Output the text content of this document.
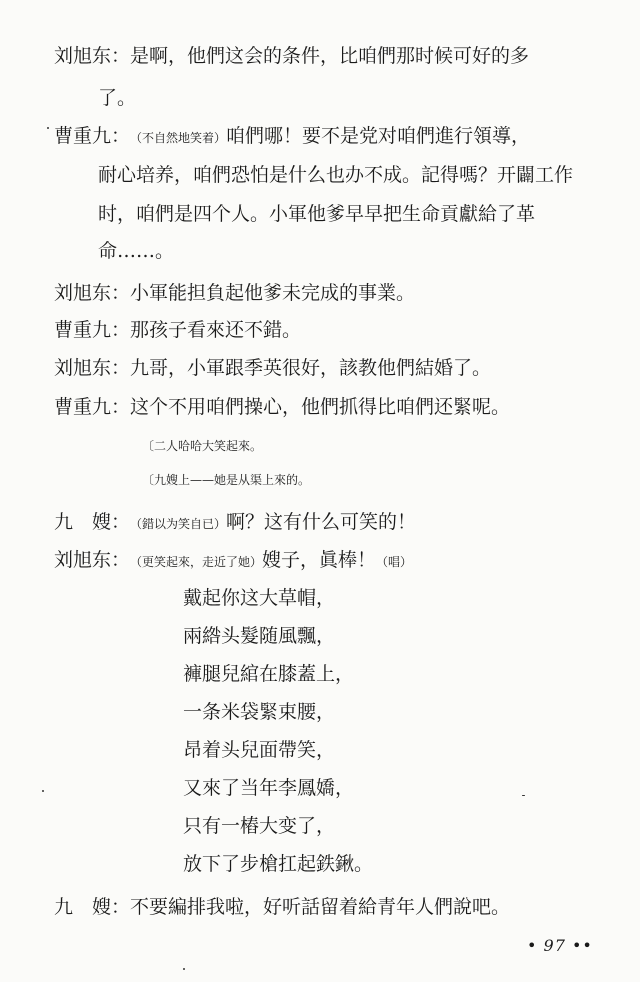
刘旭东：是啊，他們这会的条件，比咱們那时候可好的多
了。
曹重九：（不自然地笑着）咱們哪！要不是党对咱們進行領導，
耐心培养，咱們恐怕是什么也办不成。記得嗎？开闢工作
时，咱們是四个人。小軍他爹早早把生命貢獻給了革
命……。
刘旭东：小軍能担負起他爹未完成的事業。
曹重九：那孩子看來还不錯。
刘旭东：九哥，小軍跟季英很好，該教他們結婚了。
曹重九：这个不用咱們操心，他們抓得比咱們还緊呢。
〔二人哈哈大笑起來。
〔九嫂上——她是从渠上來的。
九　嫂：（錯以为笑自已）啊？这有什么可笑的！
刘旭东：（更笑起來，走近了她）嫂子，眞棒！（唱）
戴起你这大草帽，
兩綹头髮随風飄，
褲腿兒綰在膝蓋上，
一条米袋緊束腰，
昂着头兒面帶笑，
又來了当年李鳳嬌，
只有一樁大变了，
放下了步槍扛起鉄鍬。
九　嫂：不要編排我啦，好听話留着給青年人們說吧。
• 97 ••
